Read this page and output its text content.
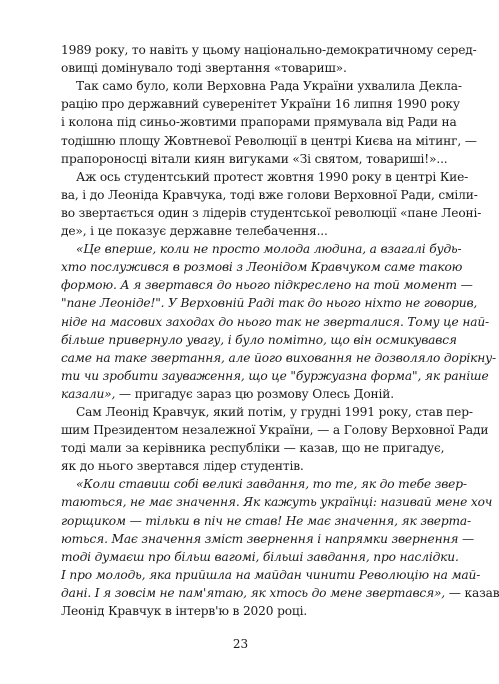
1989 року, то навіть у цьому національно-демократичному серед-
овищі домінувало тоді звертання «товариш».
Так само було, коли Верховна Рада України ухвалила Декла-
рацію про державний суверенітет України 16 липня 1990 року
і колона під синьо-жовтими прапорами прямувала від Ради на
тодішню площу Жовтневої Революції в центрі Києва на мітинг, —
прапороносці вітали киян вигуками «Зі святом, товариші!»...
Аж ось студентський протест жовтня 1990 року в центрі Кие-
ва, і до Леоніда Кравчука, тоді вже голови Верховної Ради, сміли-
во звертається один з лідерів студентської революції «пане Леоні-
де», і це показує державне телебачення...
«Це вперше, коли не просто молода людина, а взагалі будь-
хто послужився в розмові з Леонідом Кравчуком саме такою
формою. А я звертався до нього підкреслено на той момент —
"пане Леоніде!". У Верховній Раді так до нього ніхто не говорив,
ніде на масових заходах до нього так не зверталися. Тому це най-
більше привернуло увагу, і було помітно, що він осмикувався
саме на таке звертання, але його виховання не дозволяло дорікну-
ти чи зробити зауваження, що це "буржуазна форма", як раніше
казали», — пригадує зараз цю розмову Олесь Доній.
Сам Леонід Кравчук, який потім, у грудні 1991 року, став пер-
шим Президентом незалежної України, — а Голову Верховної Ради
тоді мали за керівника республіки — казав, що не пригадує,
як до нього звертався лідер студентів.
«Коли ставиш собі великі завдання, то те, як до тебе звер-
таються, не має значення. Як кажуть українці: називай мене хоч
горщиком — тільки в піч не став! Не має значення, як зверта-
ються. Має значення зміст звернення і напрямки звернення —
тоді думаєш про більш вагомі, більші завдання, про наслідки.
І про молодь, яка прийшла на майдан чинити Революцію на май-
дані. І я зовсім не пам'ятаю, як хтось до мене звертався», — казав
Леонід Кравчук в інтерв'ю в 2020 році.
23
